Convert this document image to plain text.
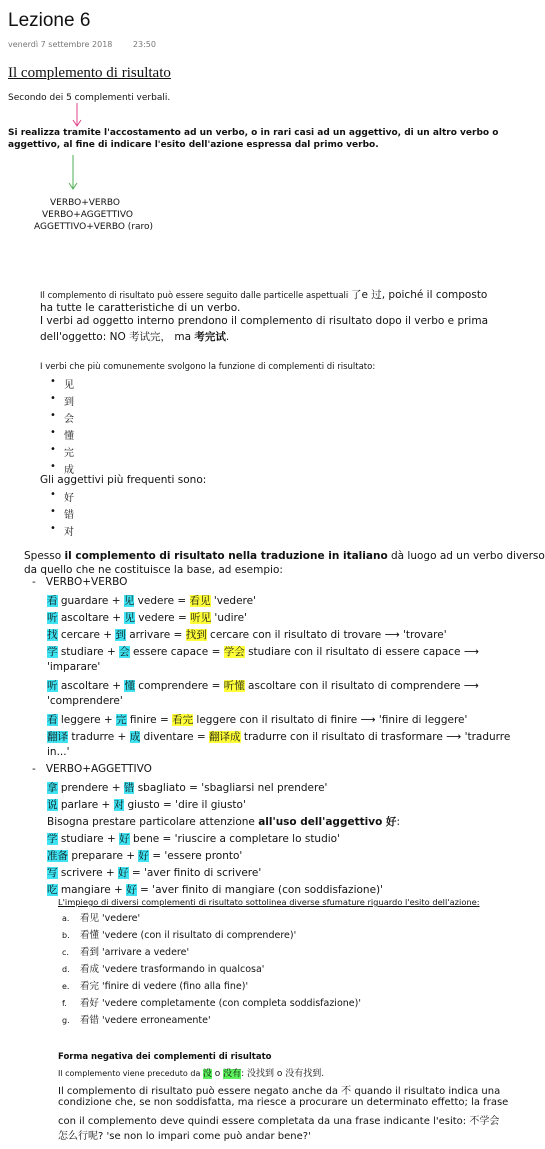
Lezione 6
venerdì 7 settembre 2018	23:50
Il complemento di risultato
Secondo dei 5 complementi verbali.
Si realizza tramite l'accostamento ad un verbo, o in rari casi ad un aggettivo, di un altro verbo o
aggettivo, al fine di indicare l'esito dell'azione espressa dal primo verbo.
VERBO+VERBO
VERBO+AGGETTIVO
AGGETTIVO+VERBO (raro)
Il complemento di risultato può essere seguito dalle particelle aspettuali 了e 过, poiché il composto
ha tutte le caratteristiche di un verbo.
I verbi ad oggetto interno prendono il complemento di risultato dopo il verbo e prima
dell'oggetto: NO 考试完， ma 考完试.
I verbi che più comunemente svolgono la funzione di complementi di risultato:
• 见
• 到
• 会
• 懂
• 完
• 成
Gli aggettivi più frequenti sono:
• 好
• 错
• 对
Spesso il complemento di risultato nella traduzione in italiano dà luogo ad un verbo diverso
da quello che ne costituisce la base, ad esempio:
-   VERBO+VERBO
看 guardare + 见 vedere = 看见 'vedere'
听 ascoltare + 见 vedere = 听见 'udire'
找 cercare + 到 arrivare = 找到 cercare con il risultato di trovare ⟶ 'trovare'
学 studiare + 会 essere capace = 学会 studiare con il risultato di essere capace ⟶
'imparare'
听 ascoltare + 懂 comprendere = 听懂 ascoltare con il risultato di comprendere ⟶
'comprendere'
看 leggere + 完 finire = 看完 leggere con il risultato di finire ⟶ 'finire di leggere'
翻译 tradurre + 成 diventare = 翻译成 tradurre con il risultato di trasformare ⟶ 'tradurre
in...'
-   VERBO+AGGETTIVO
拿 prendere + 错 sbagliato = 'sbagliarsi nel prendere'
说 parlare + 对 giusto = 'dire il giusto'
Bisogna prestare particolare attenzione all'uso dell'aggettivo 好:
学 studiare + 好 bene = 'riuscire a completare lo studio'
准备 preparare + 好 = 'essere pronto'
写 scrivere + 好 = 'aver finito di scrivere'
吃 mangiare + 好 = 'aver finito di mangiare (con soddisfazione)'
L'impiego di diversi complementi di risultato sottolinea diverse sfumature riguardo l'esito dell'azione:
a. 看见 'vedere'
b. 看懂 'vedere (con il risultato di comprendere)'
c. 看到 'arrivare a vedere'
d. 看成 'vedere trasformando in qualcosa'
e. 看完 'finire di vedere (fino alla fine)'
f. 看好 'vedere completamente (con completa soddisfazione)'
g. 看错 'vedere erroneamente'
Forma negativa dei complementi di risultato
Il complemento viene preceduto da 没 o 没有: 没找到 o 没有找到.
Il complemento di risultato può essere negato anche da 不 quando il risultato indica una
condizione che, se non soddisfatta, ma riesce a procurare un determinato effetto; la frase
con il complemento deve quindi essere completata da una frase indicante l'esito: 不学会
怎么行呢? 'se non lo impari come può andar bene?'
